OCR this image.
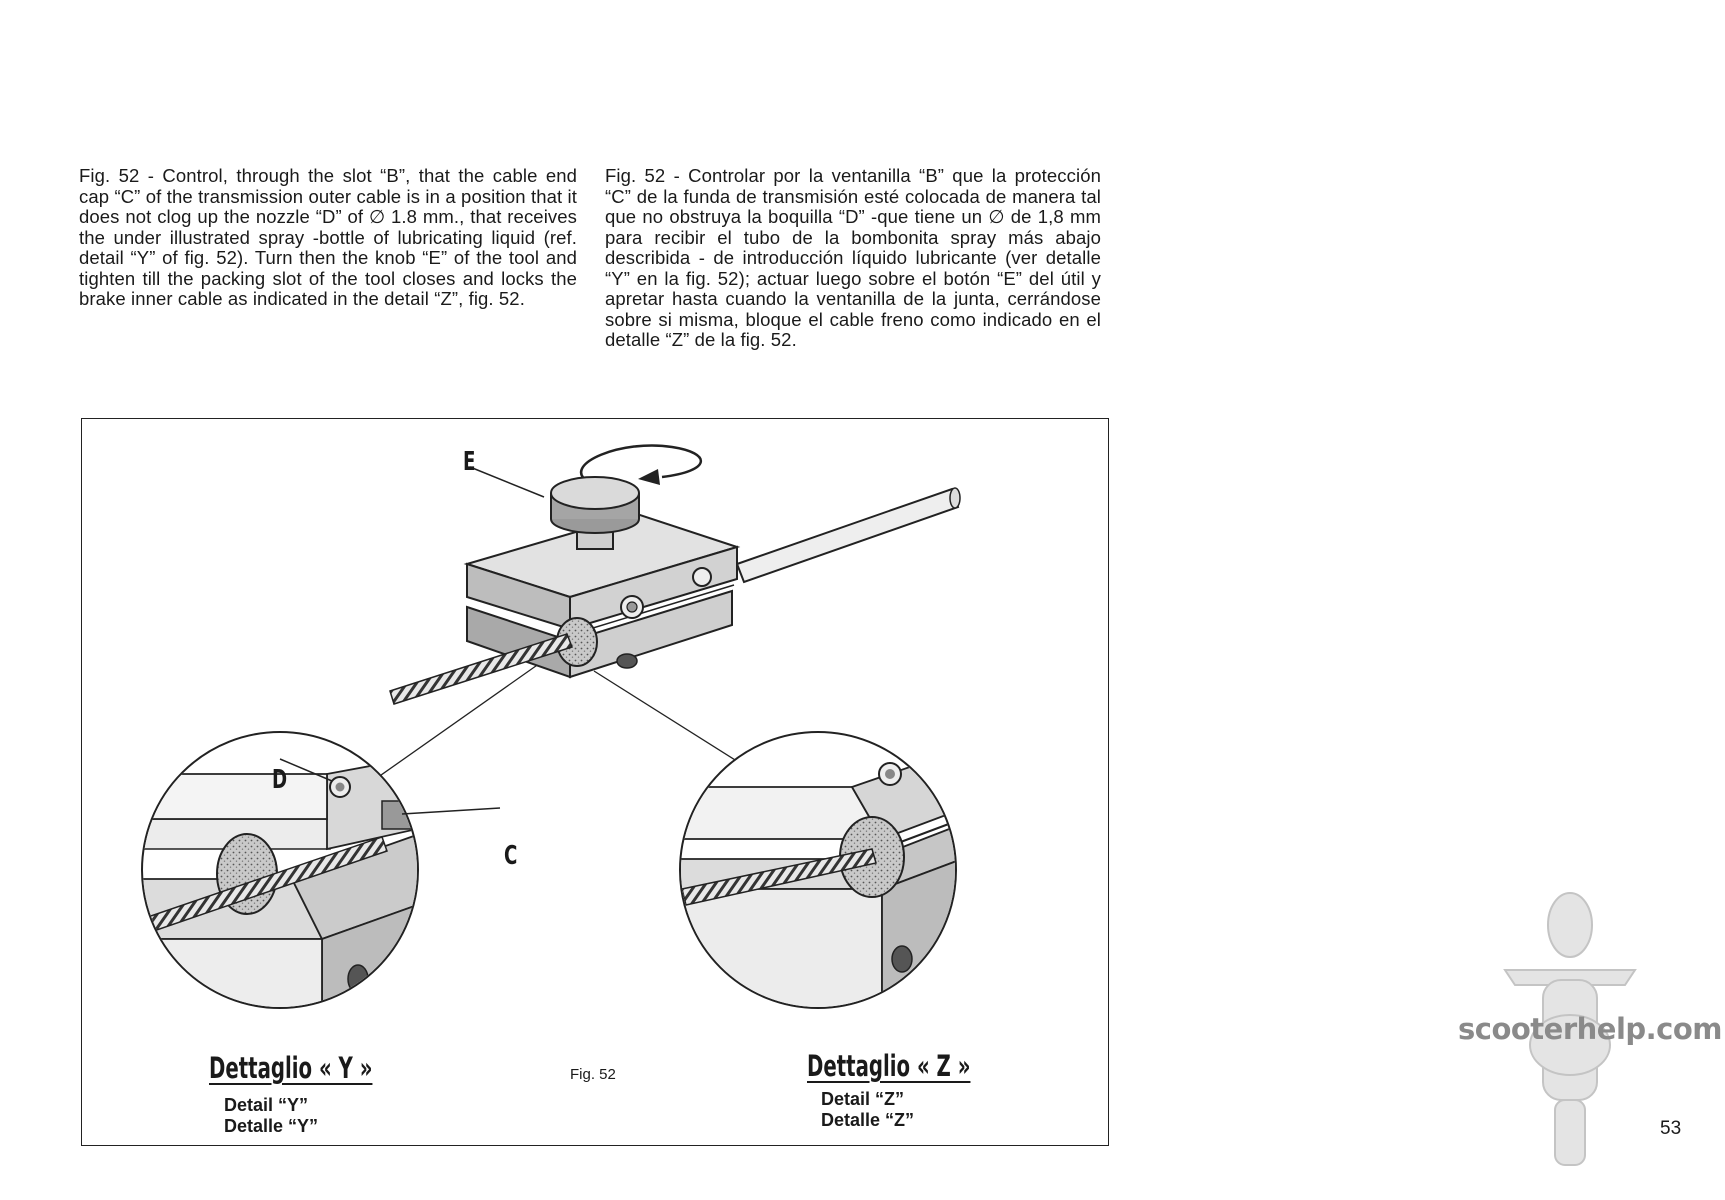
Fig. 52 - Control, through the slot “B”, that the cable end cap “C” of the transmission outer cable is in a position that it does not clog up the nozzle “D” of ∅ 1.8 mm., that receives the under illustrated spray -bottle of lubricating liquid (ref. detail “Y” of fig. 52). Turn then the knob “E” of the tool and tighten till the packing slot of the tool closes and locks the brake inner cable as indicated in the detail “Z”, fig. 52.
Fig. 52 - Controlar por la ventanilla “B” que la protección “C” de la funda de transmisión esté colocada de manera tal que no obstruya la boquilla “D” -que tiene un ∅ de 1,8 mm para recibir el tubo de la bombonita spray más abajo describida - de introducción líquido lubricante (ver detalle “Y” en la fig. 52); actuar luego sobre el botón “E” del útil y apretar hasta cuando la ventanilla de la junta, cerrándose sobre si misma, bloque el cable freno como indicado en el detalle “Z” de la fig. 52.
E
D
C
Dettaglio « Y »
Detail “Y”
Detalle “Y”
Fig. 52	Dettaglio « Z »
Detail “Z”
Detalle “Z”
scooterhelp.com
53
